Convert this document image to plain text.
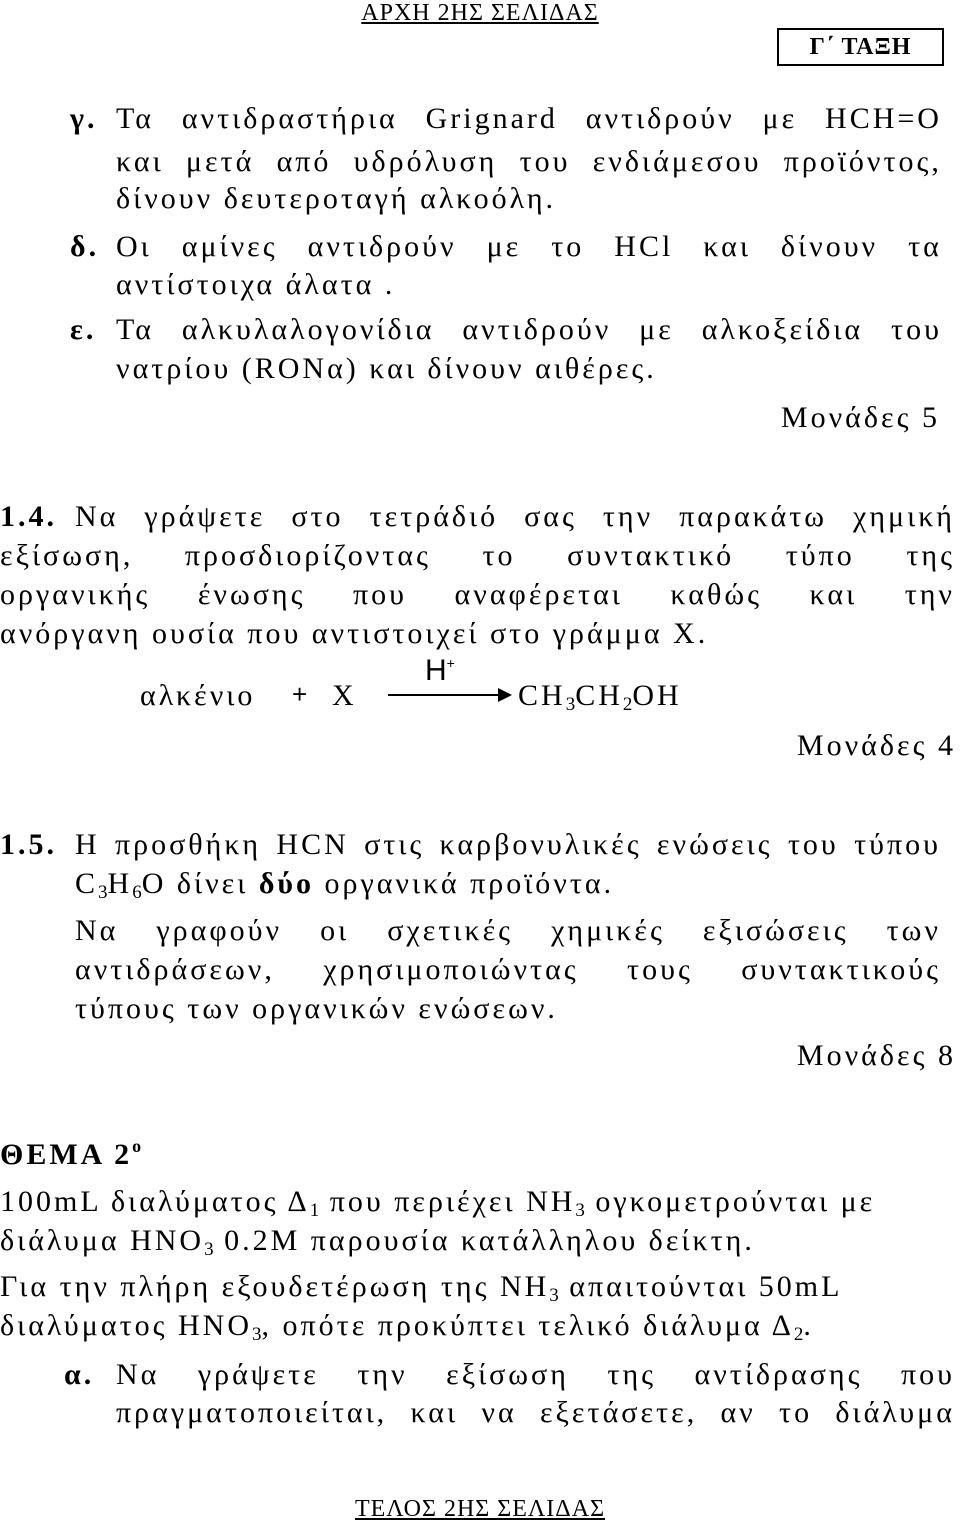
ΑΡΧΗ 2ΗΣ ΣΕΛΙΔΑΣ
Γ΄ ΤΑΞΗ
γ. Τα αντιδραστήρια Grignard αντιδρούν με HCH=O
και μετά από υδρόλυση του ενδιάμεσου προϊόντος,
δίνουν δευτεροταγή αλκοόλη.
δ. Οι αμίνες αντιδρούν με το HCl και δίνουν τα
αντίστοιχα άλατα .
ε. Τα αλκυλαλογονίδια αντιδρούν με αλκοξείδια του
νατρίου (RONα) και δίνουν αιθέρες.
Μονάδες 5
1.4. Να γράψετε στο τετράδιό σας την παρακάτω χημική
εξίσωση, προσδιορίζοντας το συντακτικό τύπο της
οργανικής ένωσης που αναφέρεται καθώς και την
ανόργανη ουσία που αντιστοιχεί στο γράμμα Χ.
αλκένιο + Χ
H+
$CH_3CH_2OH$
Μονάδες 4
1.5. Η προσθήκη HCN στις καρβονυλικές ενώσεις του τύπου
$C_3H_6O$ δίνει δύο οργανικά προϊόντα.
Να γραφούν οι σχετικές χημικές εξισώσεις των
αντιδράσεων, χρησιμοποιώντας τους συντακτικούς
τύπους των οργανικών ενώσεων.
Μονάδες 8
ΘΕΜΑ $2^o$
100mL διαλύματος $\Delta_1$ που περιέχει $NH_3$ ογκομετρούνται με
διάλυμα $HNO_3$ 0.2M παρουσία κατάλληλου δείκτη.
Για την πλήρη εξουδετέρωση της $NH_3$ απαιτούνται 50mL
διαλύματος $HNO_3$, οπότε προκύπτει τελικό διάλυμα $\Delta_2$.
α. Να γράψετε την εξίσωση της αντίδρασης που
πραγματοποιείται, και να εξετάσετε, αν το διάλυμα
ΤΕΛΟΣ 2ΗΣ ΣΕΛΙΔΑΣ
